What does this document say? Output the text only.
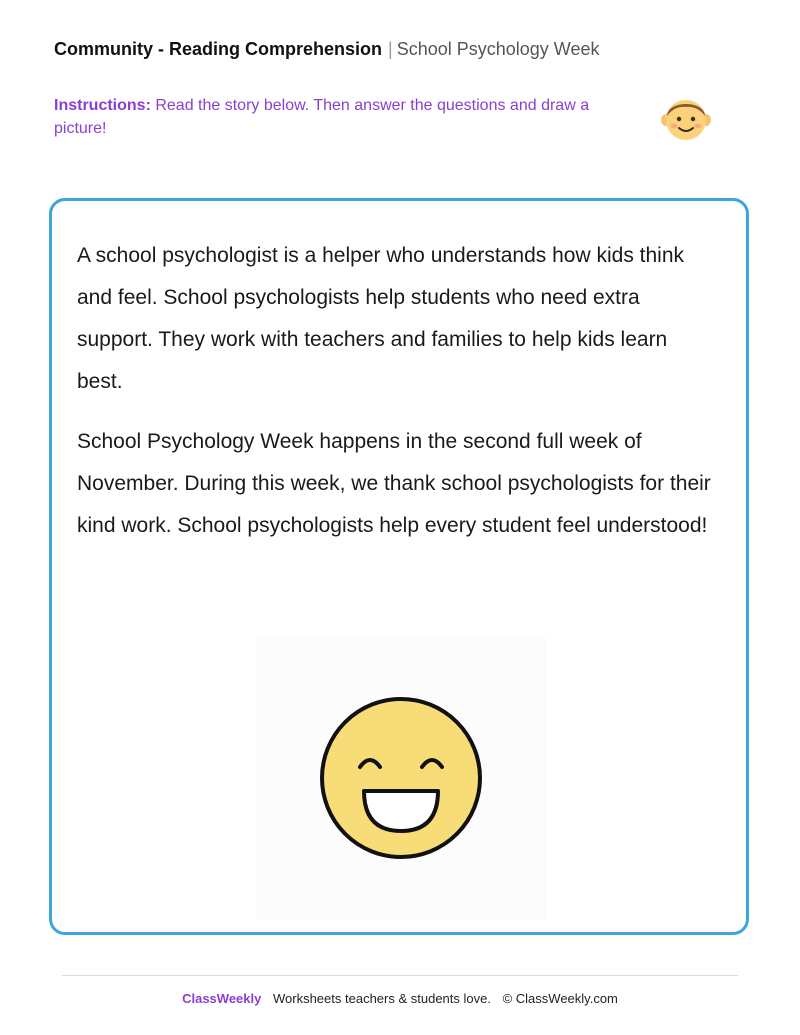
Community - Reading Comprehension | School Psychology Week
Instructions: Read the story below. Then answer the questions and draw a picture!

A school psychologist is a helper who understands how kids think and feel. School psychologists help students who need extra support. They work with teachers and families to help kids learn best.

School Psychology Week happens in the second full week of November. During this week, we thank school psychologists for their kind work. School psychologists help every student feel understood!

ClassWeekly Worksheets teachers & students love. © ClassWeekly.com
